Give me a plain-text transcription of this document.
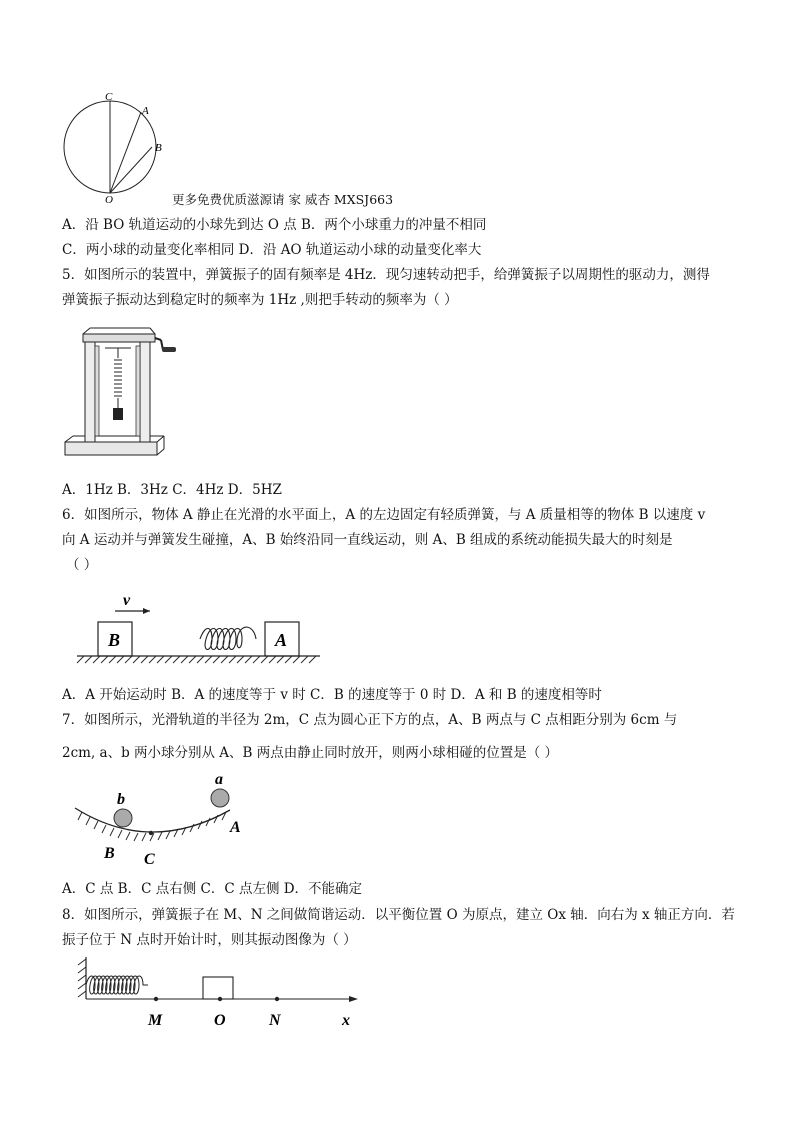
C
A
B
O	更多免费优质滋源请 家 威杏 MXSJ663
A．沿 BO 轨道运动的小球先到达 O 点 B．两个小球重力的冲量不相同
C．两小球的动量变化率相同 D．沿 AO 轨道运动小球的动量变化率大
5．如图所示的装置中，弹簧振子的固有频率是 4Hz．现匀速转动把手，给弹簧振子以周期性的驱动力，测得
弹簧振子振动达到稳定时的频率为 1Hz ,则把手转动的频率为（ ）
A．1Hz B．3Hz C．4Hz D．5HZ
6．如图所示，物体 A 静止在光滑的水平面上，A 的左边固定有轻质弹簧，与 A 质量相等的物体 B 以速度 v
向 A 运动并与弹簧发生碰撞，A、B 始终沿同一直线运动，则 A、B 组成的系统动能损失最大的时刻是
（ ）
v
B	A
A．A 开始运动时 B．A 的速度等于 v 时 C．B 的速度等于 0 时 D．A 和 B 的速度相等时
7．如图所示，光滑轨道的半径为 2m，C 点为圆心正下方的点，A、B 两点与 C 点相距分别为 6cm 与
2cm, a、b 两小球分别从 A、B 两点由静止同时放开，则两小球相碰的位置是（ ）
b
a
A
B C
A．C 点 B．C 点右侧 C．C 点左侧 D．不能确定
8．如图所示，弹簧振子在 M、N 之间做简谐运动．以平衡位置 O 为原点，建立 Ox 轴．向右为 x 轴正方向．若
振子位于 N 点时开始计时，则其振动图像为（ ）
M	O	N	x
